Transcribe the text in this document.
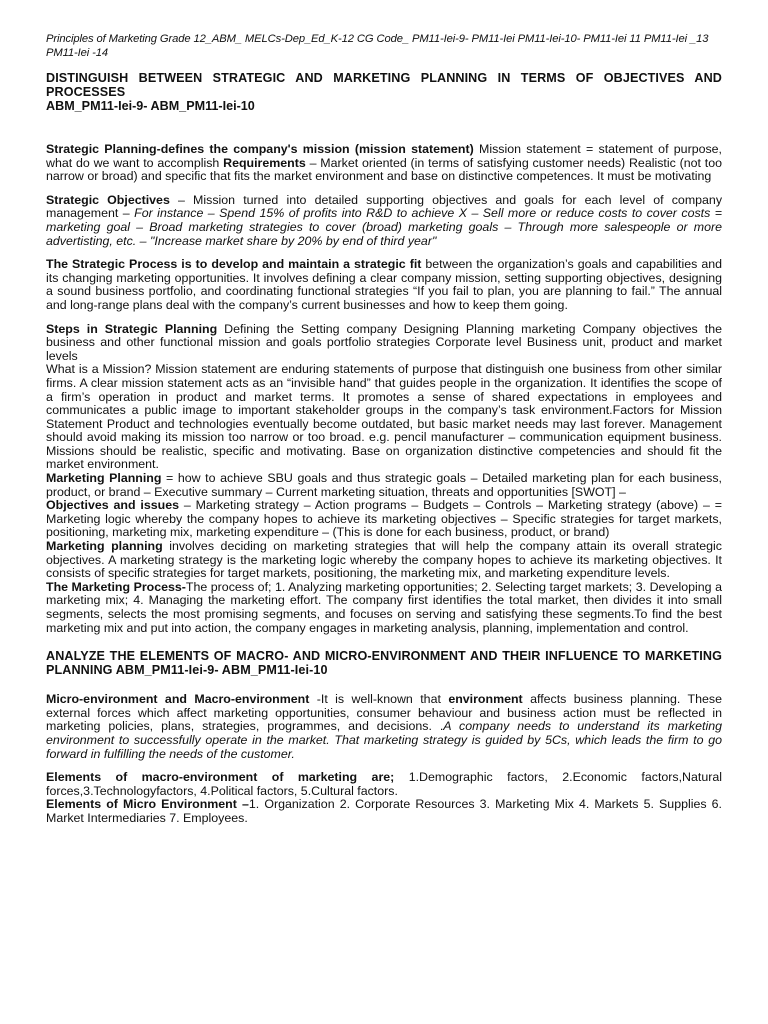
Principles of Marketing Grade 12_ABM_ MELCs-Dep_Ed_K-12 CG Code_ PM11-Iei-9- PM11-Iei PM11-Iei-10- PM11-Iei 11 PM11-Iei _13 PM11-Iei -14
DISTINGUISH BETWEEN STRATEGIC AND MARKETING PLANNING IN TERMS OF OBJECTIVES AND PROCESSES
ABM_PM11-Iei-9- ABM_PM11-Iei-10

Strategic Planning-defines the company's mission (mission statement) Mission statement = statement of purpose, what do we want to accomplish Requirements – Market oriented (in terms of satisfying customer needs) Realistic (not too narrow or broad) and specific that fits the market environment and base on distinctive competences. It must be motivating

Strategic Objectives – Mission turned into detailed supporting objectives and goals for each level of company management – For instance – Spend 15% of profits into R&D to achieve X – Sell more or reduce costs to cover costs = marketing goal – Broad marketing strategies to cover (broad) marketing goals – Through more salespeople or more advertisting, etc. – "Increase market share by 20% by end of third year"

The Strategic Process is to develop and maintain a strategic fit between the organization’s goals and capabilities and its changing marketing opportunities. It involves defining a clear company mission, setting supporting objectives, designing a sound business portfolio, and coordinating functional strategies “If you fail to plan, you are planning to fail.” The annual and long-range plans deal with the company’s current businesses and how to keep them going.

Steps in Strategic Planning Defining the Setting company Designing Planning marketing Company objectives the business and other functional mission and goals portfolio strategies Corporate level Business unit, product and market levels

What is a Mission? Mission statement are enduring statements of purpose that distinguish one business from other similar firms. A clear mission statement acts as an “invisible hand” that guides people in the organization. It identifies the scope of a firm’s operation in product and market terms. It promotes a sense of shared expectations in employees and communicates a public image to important stakeholder groups in the company’s task environment.Factors for Mission Statement Product and technologies eventually become outdated, but basic market needs may last forever. Management should avoid making its mission too narrow or too broad. e.g. pencil manufacturer – communication equipment business. Missions should be realistic, specific and motivating. Base on organization distinctive competencies and should fit the market environment.

Marketing Planning = how to achieve SBU goals and thus strategic goals – Detailed marketing plan for each business, product, or brand – Executive summary – Current marketing situation, threats and opportunities [SWOT] –

Objectives and issues – Marketing strategy – Action programs – Budgets – Controls – Marketing strategy (above) – = Marketing logic whereby the company hopes to achieve its marketing objectives – Specific strategies for target markets, positioning, marketing mix, marketing expenditure – (This is done for each business, product, or brand)

Marketing planning involves deciding on marketing strategies that will help the company attain its overall strategic objectives. A marketing strategy is the marketing logic whereby the company hopes to achieve its marketing objectives. It consists of specific strategies for target markets, positioning, the marketing mix, and marketing expenditure levels.

The Marketing Process-The process of; 1. Analyzing marketing opportunities; 2. Selecting target markets; 3. Developing a marketing mix; 4. Managing the marketing effort. The company first identifies the total market, then divides it into small segments, selects the most promising segments, and focuses on serving and satisfying these segments.To find the best marketing mix and put into action, the company engages in marketing analysis, planning, implementation and control.

ANALYZE THE ELEMENTS OF MACRO- AND MICRO-ENVIRONMENT AND THEIR INFLUENCE TO MARKETING PLANNING ABM_PM11-Iei-9- ABM_PM11-Iei-10

Micro-environment and Macro-environment -It is well-known that environment affects business planning. These external forces which affect marketing opportunities, consumer behaviour and business action must be reflected in marketing policies, plans, strategies, programmes, and decisions. .A company needs to understand its marketing environment to successfully operate in the market. That marketing strategy is guided by 5Cs, which leads the firm to go forward in fulfilling the needs of the customer.

Elements of macro-environment of marketing are; 1.Demographic factors, 2.Economic factors,Natural forces,3.Technologyfactors, 4.Political factors, 5.Cultural factors.

Elements of Micro Environment –1. Organization 2. Corporate Resources 3. Marketing Mix 4. Markets 5. Supplies 6. Market Intermediaries 7. Employees.
